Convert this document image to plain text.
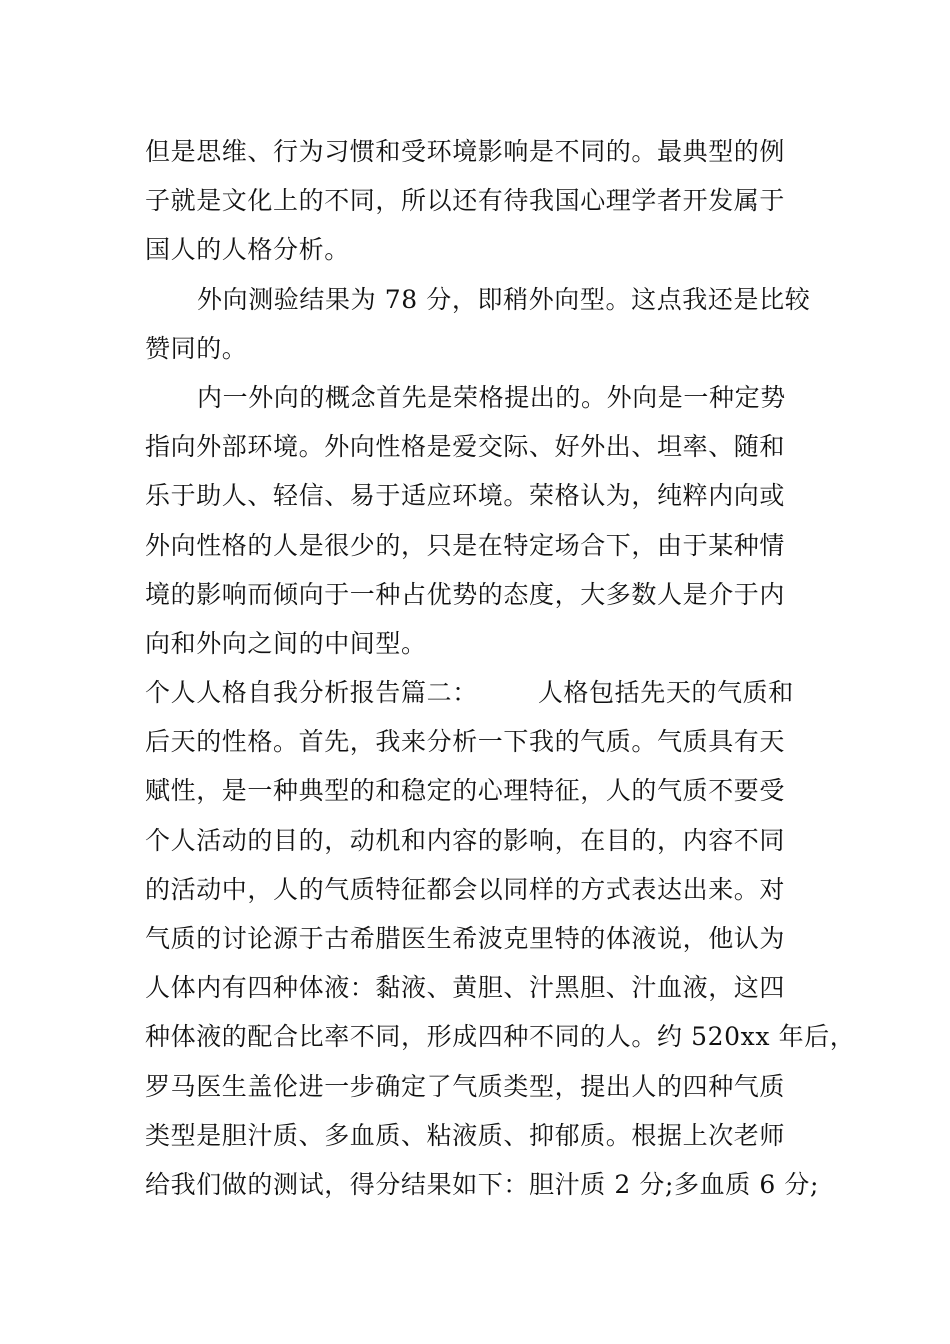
但是思维、行为习惯和受环境影响是不同的。最典型的例
子就是文化上的不同，所以还有待我国心理学者开发属于
国人的人格分析。
外向测验结果为 78 分，即稍外向型。这点我还是比较
赞同的。
内一外向的概念首先是荣格提出的。外向是一种定势
指向外部环境。外向性格是爱交际、好外出、坦率、随和
乐于助人、轻信、易于适应环境。荣格认为，纯粹内向或
外向性格的人是很少的，只是在特定场合下，由于某种情
境的影响而倾向于一种占优势的态度，大多数人是介于内
向和外向之间的中间型。
个人人格自我分析报告篇二： 人格包括先天的气质和
后天的性格。首先，我来分析一下我的气质。气质具有天
赋性，是一种典型的和稳定的心理特征，人的气质不要受
个人活动的目的，动机和内容的影响，在目的，内容不同
的活动中，人的气质特征都会以同样的方式表达出来。对
气质的讨论源于古希腊医生希波克里特的体液说，他认为
人体内有四种体液：黏液、黄胆、汁黑胆、汁血液，这四
种体液的配合比率不同，形成四种不同的人。约 520xx 年后，
罗马医生盖伦进一步确定了气质类型，提出人的四种气质
类型是胆汁质、多血质、粘液质、抑郁质。根据上次老师
给我们做的测试，得分结果如下：胆汁质 2 分;多血质 6 分;
